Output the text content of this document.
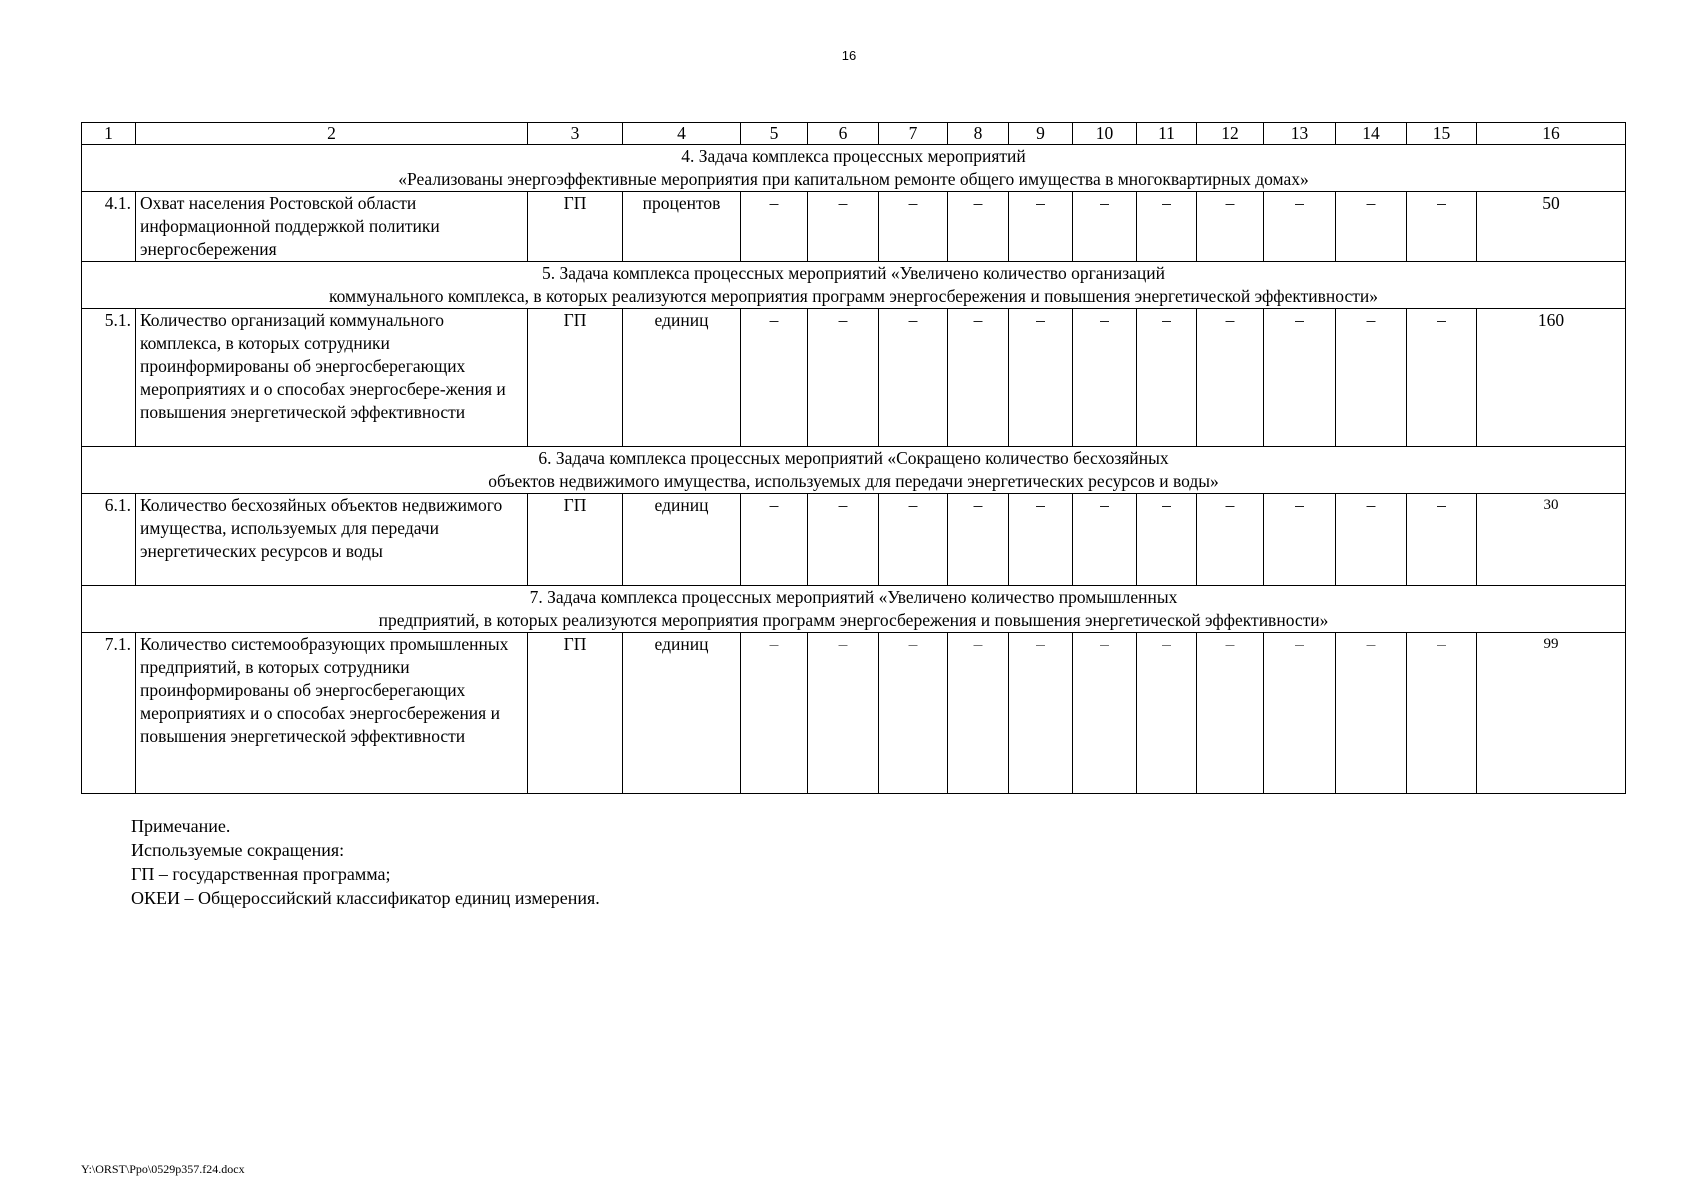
16
1	2	3	4	5	6	7	8	9	10	11	12	13	14	15	16

4. Задача комплекса процессных мероприятий
«Реализованы энергоэффективные мероприятия при капитальном ремонте общего имущества в многоквартирных домах»															

4.1.	Охват населения Ростовской области информационной поддержкой политики энергосбережения	ГП	процентов	–	–	–	–	–	–	–	–	–	–	–	50

5. Задача комплекса процессных мероприятий «Увеличено количество организаций
коммунального комплекса, в которых реализуются мероприятия программ энергосбережения и повышения энергетической эффективности»															

5.1.	Количество организаций коммунального комплекса, в которых сотрудники проинформированы об энергосберегающих мероприятиях и о способах энергосбере-жения и повышения энергетической эффективности	ГП	единиц	–	–	–	–	–	–	–	–	–	–	–	160

6. Задача комплекса процессных мероприятий «Сокращено количество бесхозяйных
объектов недвижимого имущества, используемых для передачи энергетических ресурсов и воды»															

6.1.	Количество бесхозяйных объектов недвижимого имущества, используемых для передачи энергетических ресурсов и воды	ГП	единиц	–	–	–	–	–	–	–	–	–	–	–	30

7. Задача комплекса процессных мероприятий «Увеличено количество промышленных
предприятий, в которых реализуются мероприятия программ энергосбережения и повышения энергетической эффективности»															

7.1.	Количество системообразующих промышленных предприятий, в которых сотрудники проинформированы об энергосберегающих мероприятиях и о способах энергосбережения и повышения энергетической эффективности	ГП	единиц	–	–	–	–	–	–	–	–	–	–	–	99
Примечание.
Используемые сокращения:
ГП – государственная программа;
ОКЕИ – Общероссийский классификатор единиц измерения.
Y:\ORST\Ppo\0529p357.f24.docx
